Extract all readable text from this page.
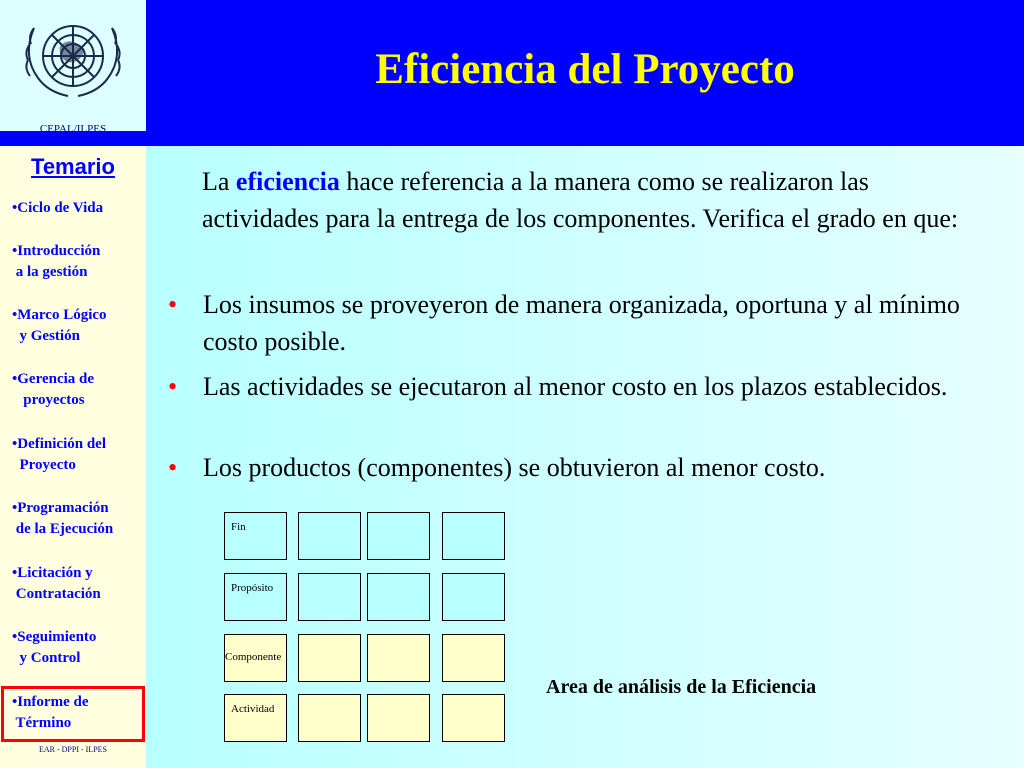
CEPAL/ILPES
Eficiencia del Proyecto
Temario
•Ciclo de Vida
•Introducción
a la gestión
•Marco Lógico
y Gestión
•Gerencia de
proyectos
•Definición del
Proyecto
•Programación
de la Ejecución
•Licitación y
Contratación
•Seguimiento
y Control
•Informe de
Término
EAR - DPPI - ILPES

La eficiencia hace referencia a la manera como se realizaron las actividades para la entrega de los componentes. Verifica el grado en que:

• Los insumos se proveyeron de manera organizada, oportuna y al mínimo costo posible.
• Las actividades se ejecutaron al menor costo en los plazos establecidos.
• Los productos (componentes) se obtuvieron al menor costo.
Fin
Propósito
Componente
Actividad
Area de análisis de la Eficiencia
